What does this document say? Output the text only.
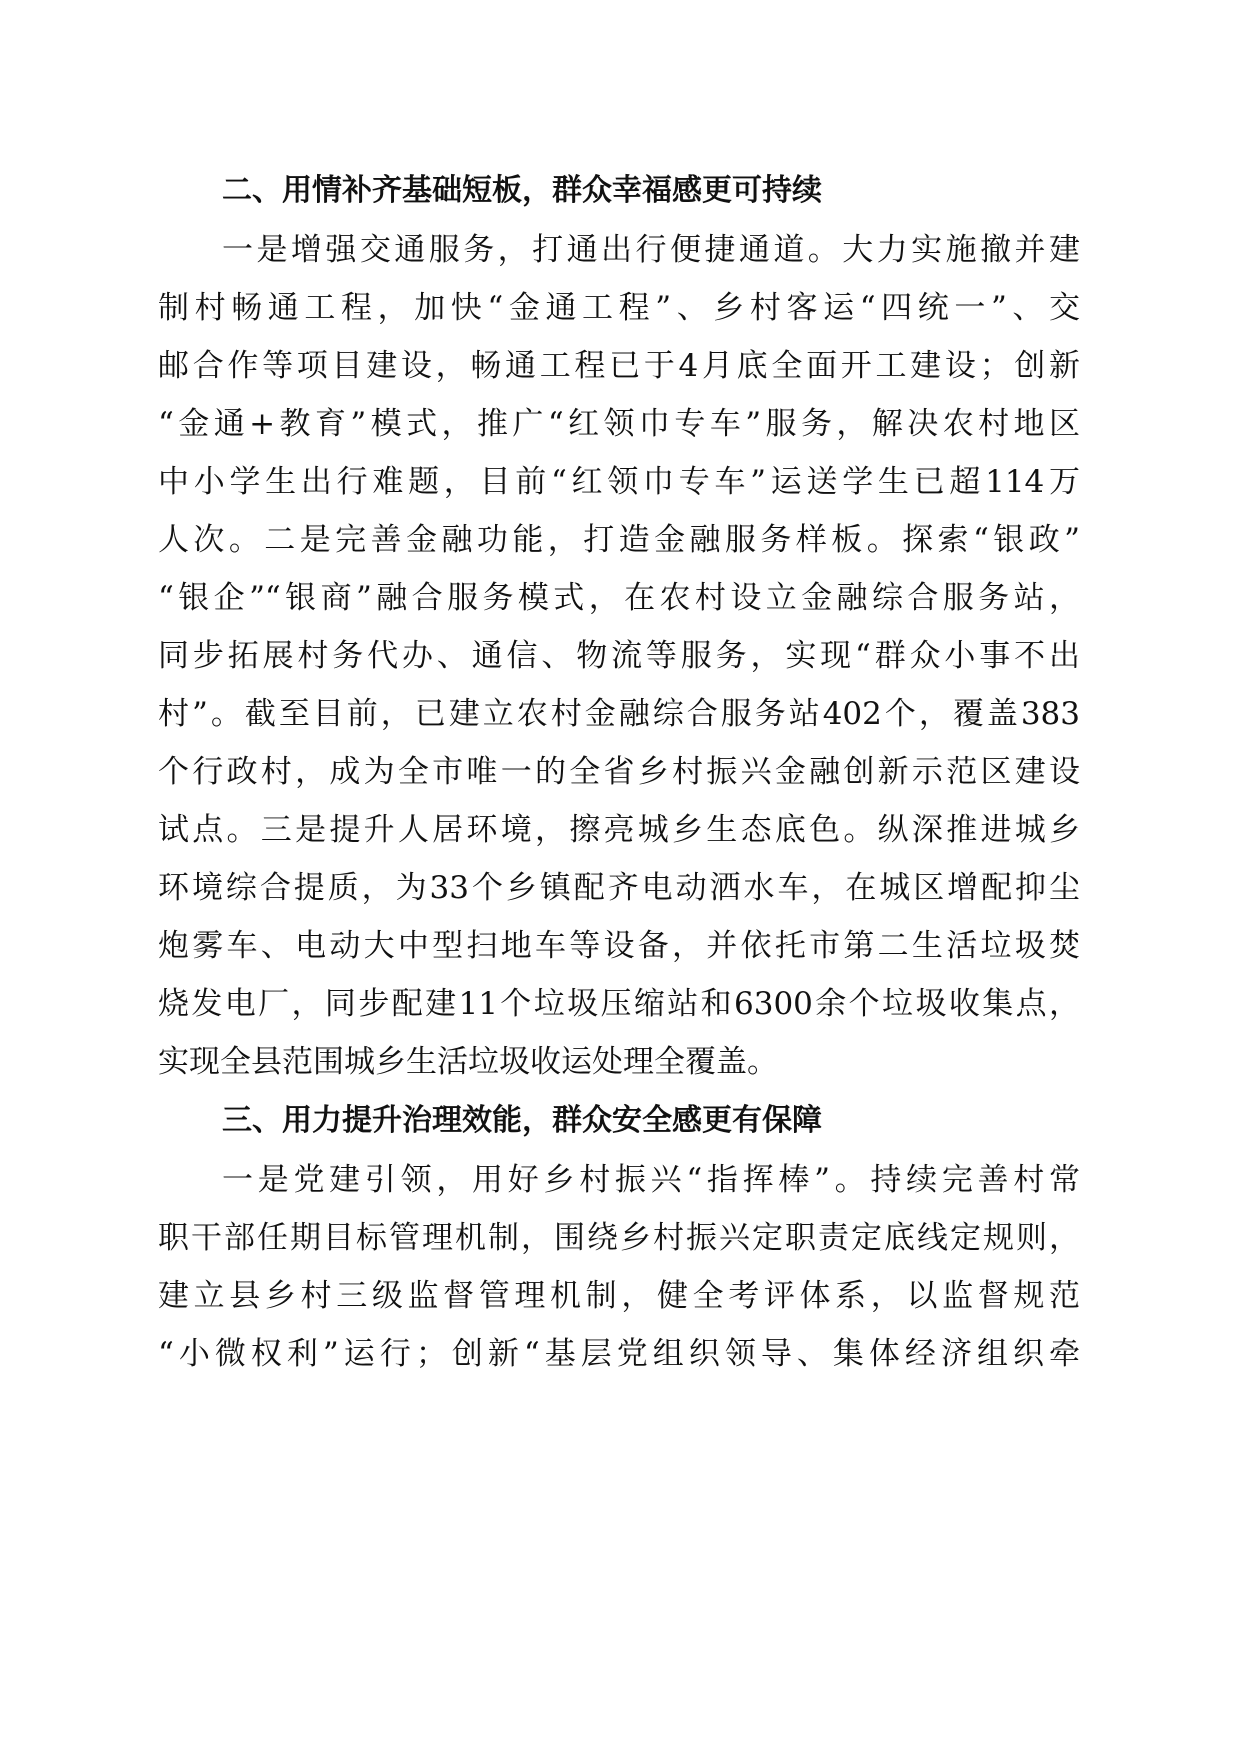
二、用情补齐基础短板，群众幸福感更可持续
一是增强交通服务，打通出行便捷通道。大力实施撤并建
制村畅通工程，加快“金通工程”、乡村客运“四统一”、交
邮合作等项目建设，畅通工程已于4月底全面开工建设；创新
“金通+教育”模式，推广“红领巾专车”服务，解决农村地区
中小学生出行难题，目前“红领巾专车”运送学生已超114万
人次。二是完善金融功能，打造金融服务样板。探索“银政”
“银企”“银商”融合服务模式，在农村设立金融综合服务站，
同步拓展村务代办、通信、物流等服务，实现“群众小事不出
村”。截至目前，已建立农村金融综合服务站402个，覆盖383
个行政村，成为全市唯一的全省乡村振兴金融创新示范区建设
试点。三是提升人居环境，擦亮城乡生态底色。纵深推进城乡
环境综合提质，为33个乡镇配齐电动洒水车，在城区增配抑尘
炮雾车、电动大中型扫地车等设备，并依托市第二生活垃圾焚
烧发电厂，同步配建11个垃圾压缩站和6300余个垃圾收集点，
实现全县范围城乡生活垃圾收运处理全覆盖。
三、用力提升治理效能，群众安全感更有保障
一是党建引领，用好乡村振兴“指挥棒”。持续完善村常
职干部任期目标管理机制，围绕乡村振兴定职责定底线定规则，
建立县乡村三级监督管理机制，健全考评体系，以监督规范
“小微权利”运行；创新“基层党组织领导、集体经济组织牵
